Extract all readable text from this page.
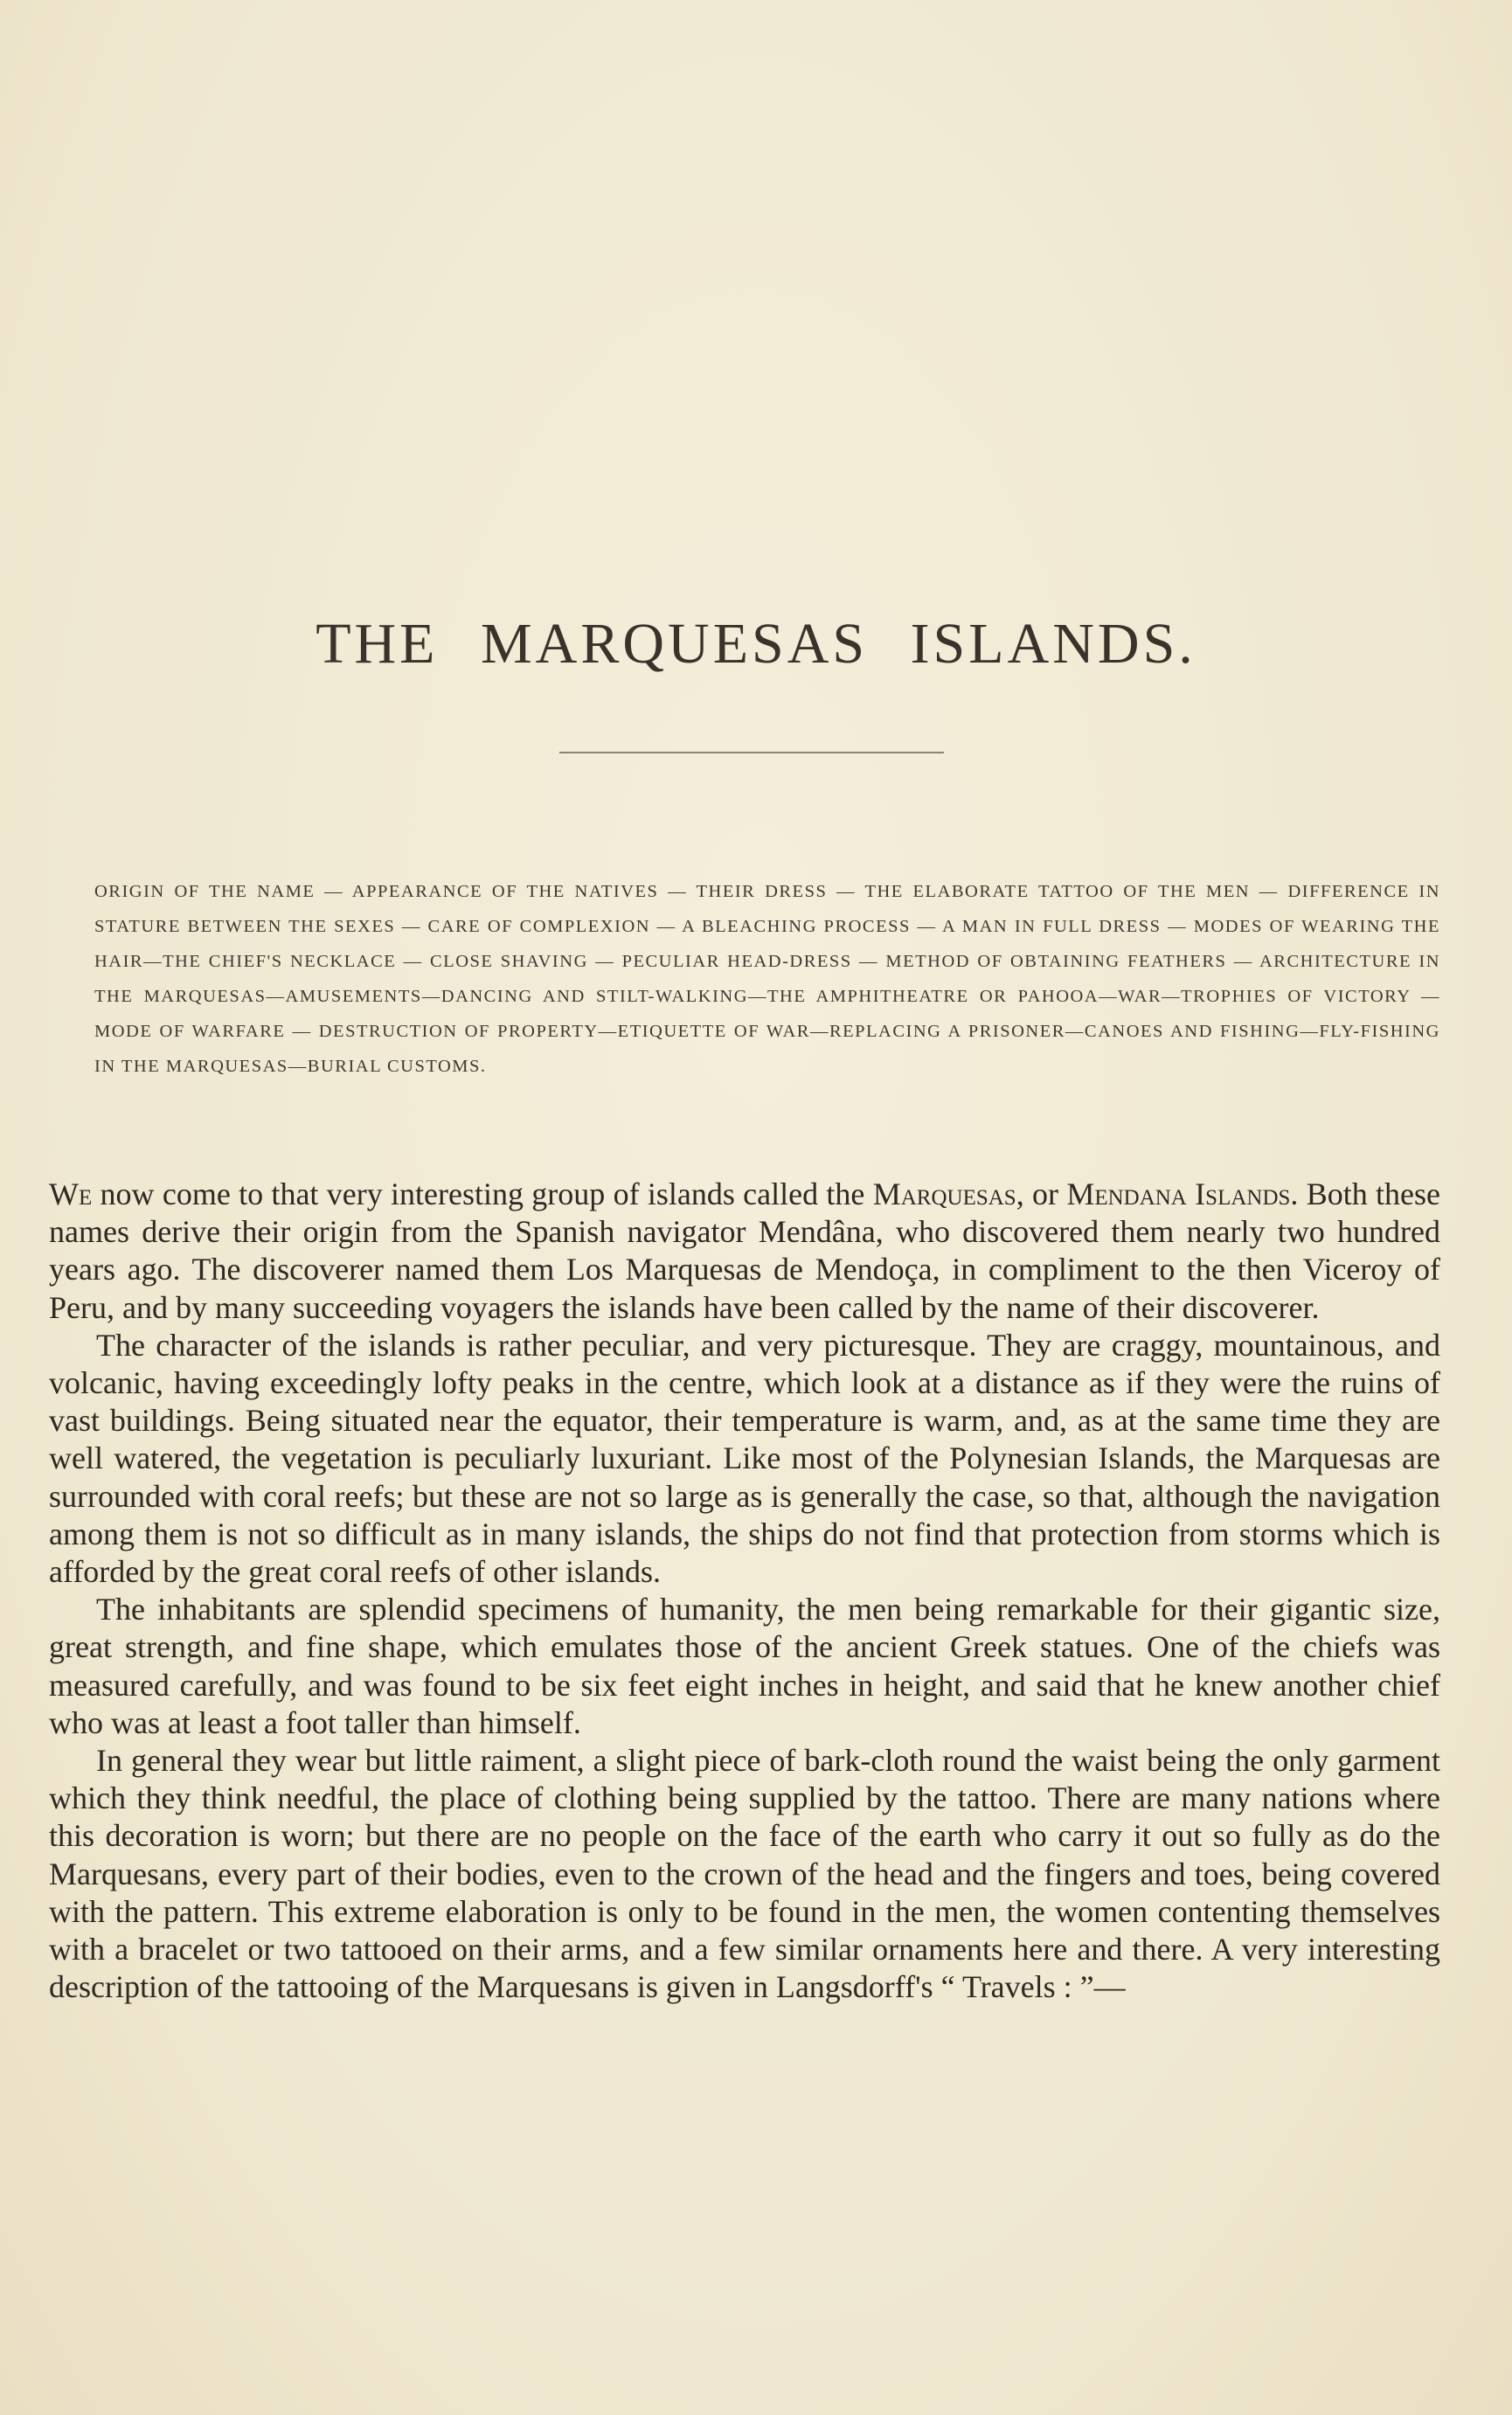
THE MARQUESAS ISLANDS.
ORIGIN OF THE NAME — APPEARANCE OF THE NATIVES — THEIR DRESS — THE ELABORATE TATTOO OF THE MEN — DIFFERENCE IN STATURE BETWEEN THE SEXES — CARE OF COMPLEXION — A BLEACHING PROCESS — A MAN IN FULL DRESS — MODES OF WEARING THE HAIR—THE CHIEF'S NECKLACE — CLOSE SHAVING — PECULIAR HEAD-DRESS — METHOD OF OBTAINING FEATHERS — ARCHITECTURE IN THE MARQUESAS—AMUSEMENTS—DANCING AND STILT-WALKING—THE AMPHITHEATRE OR PAHOOA—WAR—TROPHIES OF VICTORY — MODE OF WARFARE — DESTRUCTION OF PROPERTY—ETIQUETTE OF WAR—REPLACING A PRISONER—CANOES AND FISHING—FLY-FISHING IN THE MARQUESAS—BURIAL CUSTOMS.

We now come to that very interesting group of islands called the Marquesas, or Mendana Islands. Both these names derive their origin from the Spanish navigator Mendâna, who discovered them nearly two hundred years ago. The discoverer named them Los Marquesas de Mendoça, in compliment to the then Viceroy of Peru, and by many succeeding voyagers the islands have been called by the name of their discoverer.

The character of the islands is rather peculiar, and very picturesque. They are craggy, mountainous, and volcanic, having exceedingly lofty peaks in the centre, which look at a distance as if they were the ruins of vast buildings. Being situated near the equator, their temperature is warm, and, as at the same time they are well watered, the vegetation is peculiarly luxuriant. Like most of the Polynesian Islands, the Marquesas are surrounded with coral reefs; but these are not so large as is generally the case, so that, although the navigation among them is not so difficult as in many islands, the ships do not find that protection from storms which is afforded by the great coral reefs of other islands.

The inhabitants are splendid specimens of humanity, the men being remarkable for their gigantic size, great strength, and fine shape, which emulates those of the ancient Greek statues. One of the chiefs was measured carefully, and was found to be six feet eight inches in height, and said that he knew another chief who was at least a foot taller than himself.

In general they wear but little raiment, a slight piece of bark-cloth round the waist being the only garment which they think needful, the place of clothing being supplied by the tattoo. There are many nations where this decoration is worn; but there are no people on the face of the earth who carry it out so fully as do the Marquesans, every part of their bodies, even to the crown of the head and the fingers and toes, being covered with the pattern. This extreme elaboration is only to be found in the men, the women contenting themselves with a bracelet or two tattooed on their arms, and a few similar ornaments here and there. A very interesting description of the tattooing of the Marquesans is given in Langsdorff's “ Travels : ”—
